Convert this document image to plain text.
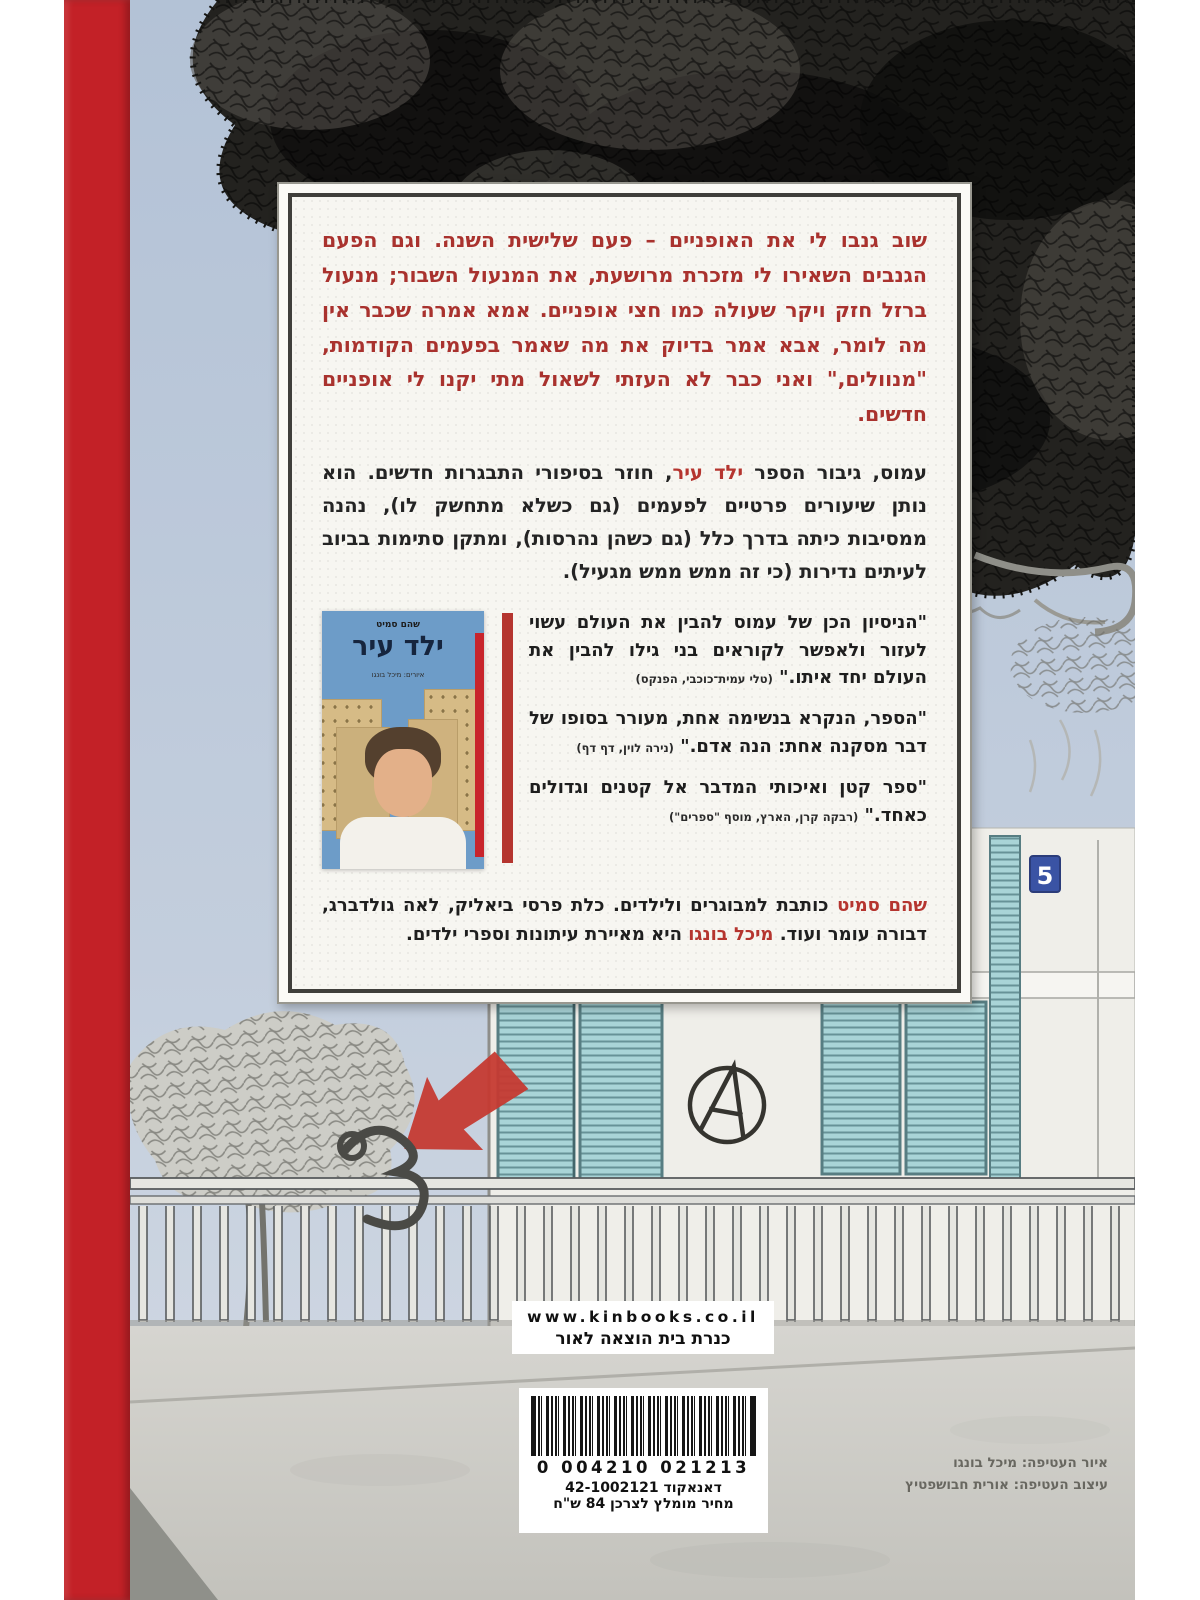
5

שוב גנבו לי את האופניים – פעם שלישית השנה. וגם הפעם הגנבים השאירו לי מזכרת מרושעת, את המנעול השבור; מנעול ברזל חזק ויקר שעולה כמו חצי אופניים. אמא אמרה שכבר אין מה לומר, אבא אמר בדיוק את מה שאמר בפעמים הקודמות, "מנוולים," ואני כבר לא העזתי לשאול מתי יקנו לי אופניים חדשים.

עמוס, גיבור הספר ילד עיר, חוזר בסיפורי התבגרות חדשים. הוא נותן שיעורים פרטיים לפעמים (גם כשלא מתחשק לו), נהנה ממסיבות כיתה בדרך כלל (גם כשהן נהרסות), ומתקן סתימות בביוב לעיתים נדירות (כי זה ממש ממש מגעיל).

"הניסיון הכן של עמוס להבין את העולם עשוי לעזור ולאפשר לקוראים בני גילו להבין את העולם יחד איתו." (טלי עמית־כוכבי, הפנקס)
"הספר, הנקרא בנשימה אחת, מעורר בסופו של דבר מסקנה אחת: הנה אדם." (נירה לוין, דף דף)
"ספר קטן ואיכותי המדבר אל קטנים וגדולים כאחד." (רבקה קרן, הארץ, מוסף "ספרים")
שהם סמיט
ילד עיר
איורים: מיכל בונגו

שהם סמיט כותבת למבוגרים ולילדים. כלת פרסי ביאליק, לאה גולדברג, דבורה עומר ועוד. מיכל בונגו היא מאיירת עיתונות וספרי ילדים.

www.kinbooks.co.il
כנרת בית הוצאה לאור
0 004210 021213
דאנאקוד 42-1002121
מחיר מומלץ לצרכן 84 ש"ח
איור העטיפה: מיכל בונגו
עיצוב העטיפה: אורית חבושפטיץ
